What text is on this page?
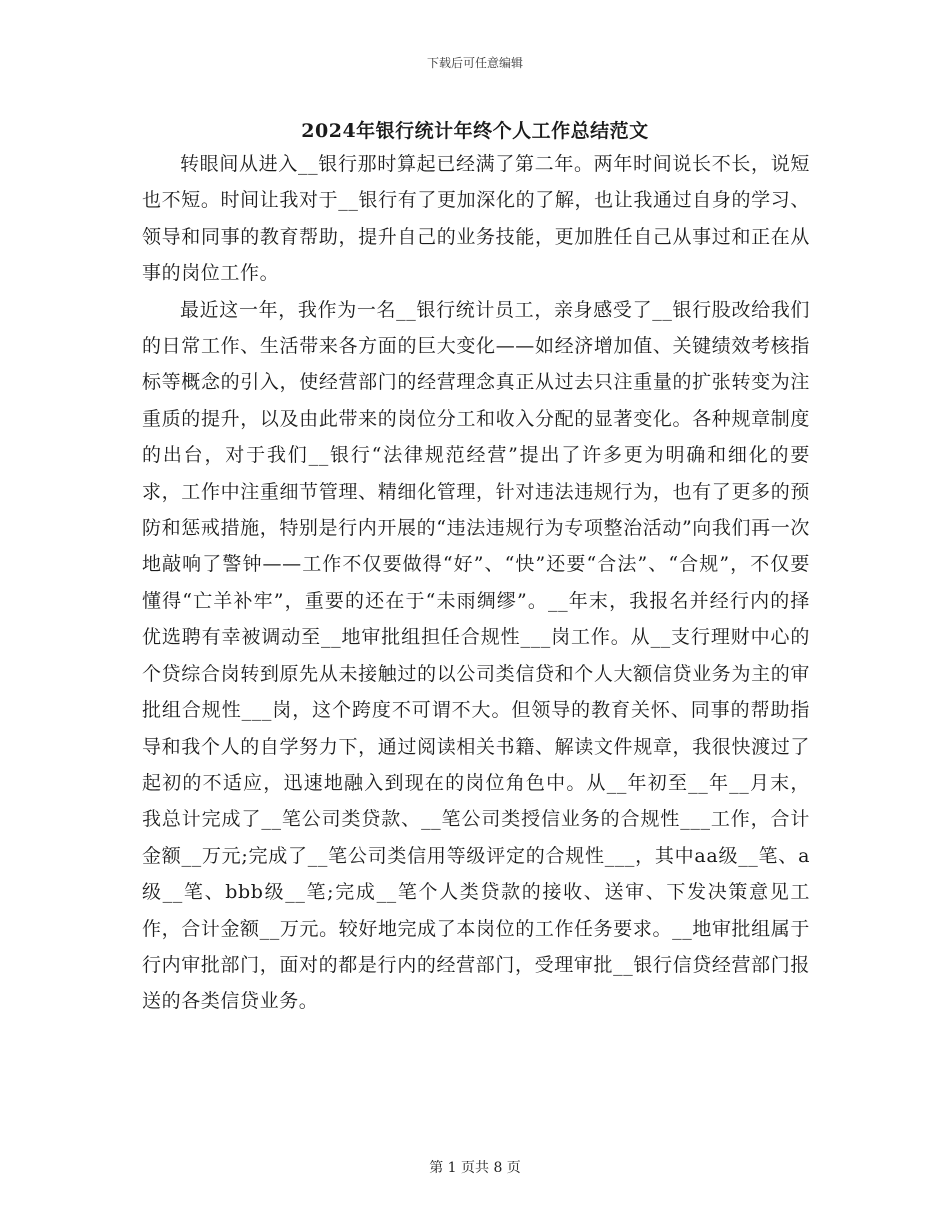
下载后可任意编辑
2024年银行统计年终个人工作总结范文

转眼间从进入__银行那时算起已经满了第二年。两年时间说长不长，说短也不短。时间让我对于__银行有了更加深化的了解，也让我通过自身的学习、领导和同事的教育帮助，提升自己的业务技能，更加胜任自己从事过和正在从事的岗位工作。

最近这一年，我作为一名__银行统计员工，亲身感受了__银行股改给我们的日常工作、生活带来各方面的巨大变化——如经济增加值、关键绩效考核指标等概念的引入，使经营部门的经营理念真正从过去只注重量的扩张转变为注重质的提升，以及由此带来的岗位分工和收入分配的显著变化。各种规章制度的出台，对于我们__银行“法律规范经营”提出了许多更为明确和细化的要求，工作中注重细节管理、精细化管理，针对违法违规行为，也有了更多的预防和惩戒措施，特别是行内开展的“违法违规行为专项整治活动”向我们再一次地敲响了警钟——工作不仅要做得“好”、“快”还要“合法”、“合规”，不仅要懂得“亡羊补牢”，重要的还在于“未雨绸缪”。__年末，我报名并经行内的择优选聘有幸被调动至__地审批组担任合规性___岗工作。从__支行理财中心的个贷综合岗转到原先从未接触过的以公司类信贷和个人大额信贷业务为主的审批组合规性___岗，这个跨度不可谓不大。但领导的教育关怀、同事的帮助指导和我个人的自学努力下，通过阅读相关书籍、解读文件规章，我很快渡过了起初的不适应，迅速地融入到现在的岗位角色中。从__年初至__年__月末，我总计完成了__笔公司类贷款、__笔公司类授信业务的合规性___工作，合计金额__万元;完成了__笔公司类信用等级评定的合规性___，其中aa级__笔、a级__笔、bbb级__笔;完成__笔个人类贷款的接收、送审、下发决策意见工作，合计金额__万元。较好地完成了本岗位的工作任务要求。__地审批组属于行内审批部门，面对的都是行内的经营部门，受理审批__银行信贷经营部门报送的各类信贷业务。

第 1 页共 8 页
